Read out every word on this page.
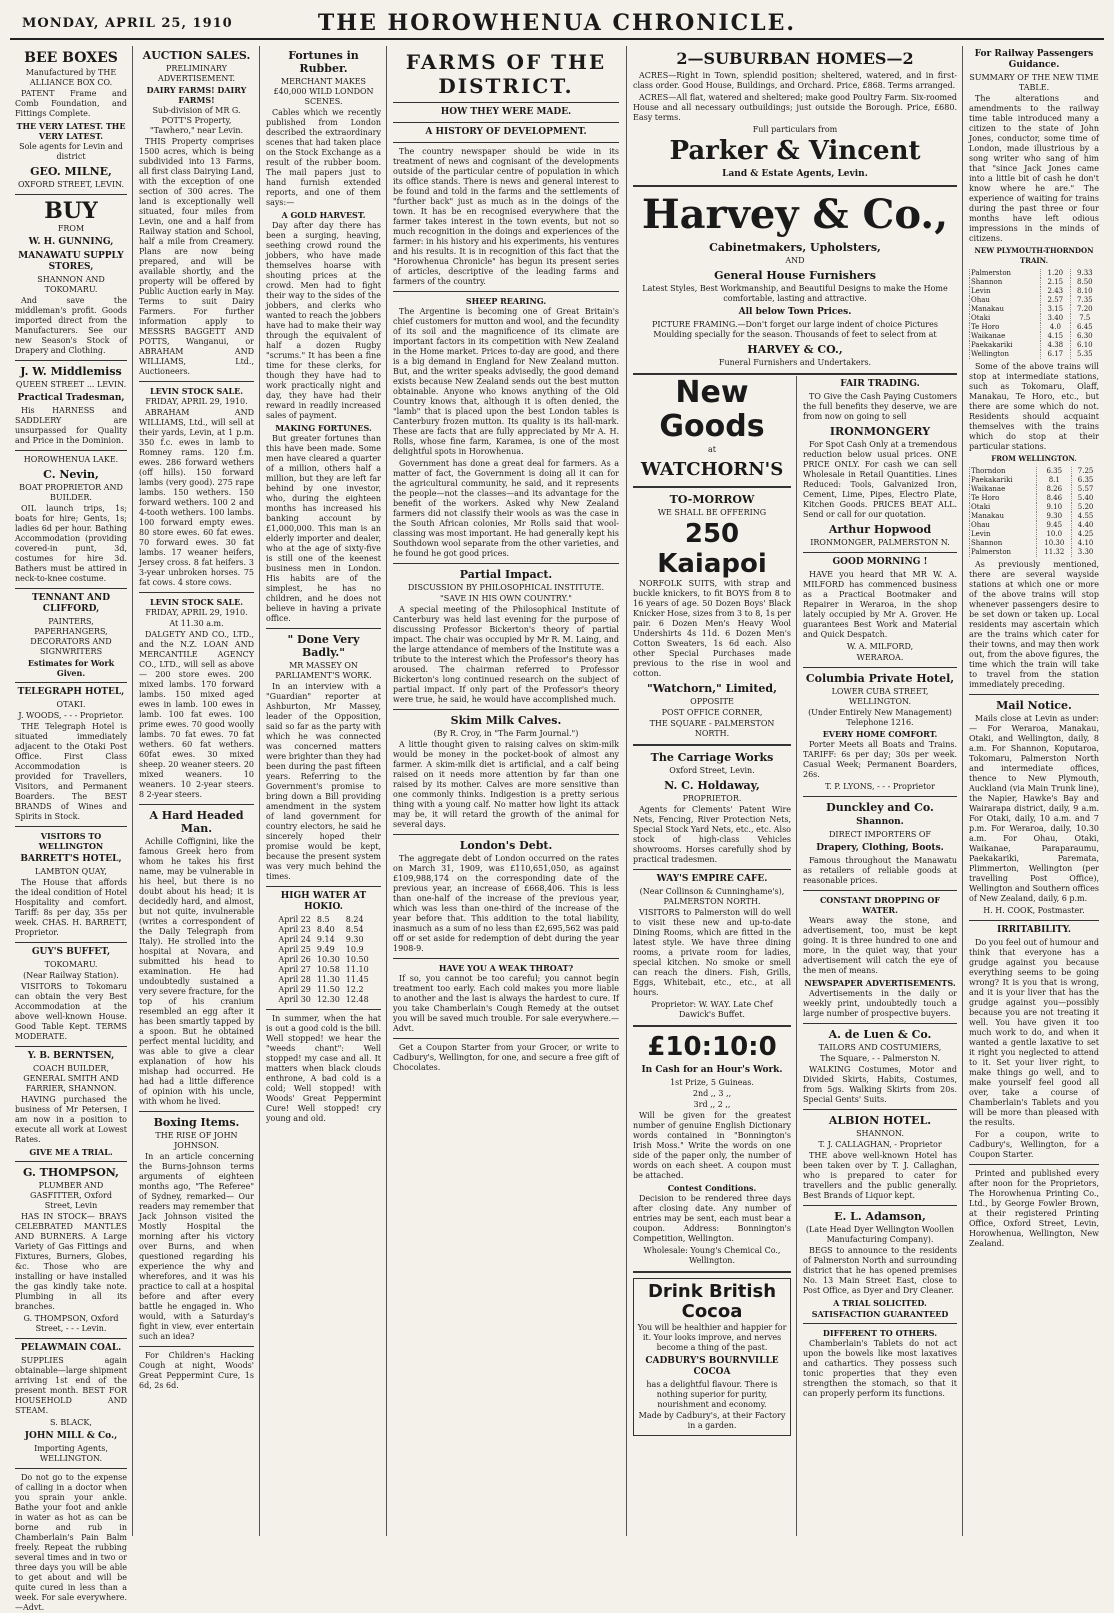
MONDAY, APRIL 25, 1910	THE HOROWHENUA CHRONICLE.
BEE BOXES
Manufactured by THE ALLIANCE BOX CO.
PATENT Frame and Comb Foundation, and Fittings Complete.
THE VERY LATEST. THE VERY LATEST.
Sole agents for Levin and district
GEO. MILNE,
OXFORD STREET, LEVIN.
BUY
FROM
W. H. GUNNING,
MANAWATU SUPPLY STORES,
SHANNON AND TOKOMARU.
And save the middleman's profit. Goods imported direct from the Manufacturers. See our new Season's Stock of Drapery and Clothing.
J. W. Middlemiss
QUEEN STREET ... LEVIN.
Practical Tradesman,
His HARNESS and SADDLERY are unsurpassed for Quality and Price in the Dominion.
HOROWHENUA LAKE.
C. Nevin,
BOAT PROPRIETOR AND BUILDER.
OIL launch trips, 1s; boats for hire; Gents, 1s; ladies 6d per hour. Bathing Accommodation (providing covered-in punt, 3d, costumes for hire 3d. Bathers must be attired in neck-to-knee costume.
TENNANT AND CLIFFORD,
PAINTERS, PAPERHANGERS, DECORATORS AND SIGNWRITERS
Estimates for Work Given.
TELEGRAPH HOTEL,
OTAKI.
J. WOODS, - - - Proprietor.
THE Telegraph Hotel is situated immediately adjacent to the Otaki Post Office. First Class Accommodation is provided for Travellers, Visitors, and Permanent Boarders. The BEST BRANDS of Wines and Spirits in Stock.
VISITORS TO WELLINGTON
BARRETT'S HOTEL,
LAMBTON QUAY,
The House that affords the ideal condition of Hotel Hospitality and comfort. Tariff: 8s per day, 35s per week. CHAS. H. BARRETT, Proprietor.
GUY'S BUFFET,
TOKOMARU.
(Near Railway Station).
VISITORS to Tokomaru can obtain the very Best Accommodation at the above well-known House. Good Table Kept. TERMS MODERATE.
Y. B. BERNTSEN,
COACH BUILDER, GENERAL SMITH AND FARRIER, SHANNON.
HAVING purchased the business of Mr Petersen, I am now in a position to execute all work at Lowest Rates.
GIVE ME A TRIAL.
G. THOMPSON,
PLUMBER AND GASFITTER, Oxford Street, Levin
HAS IN STOCK— BRAYS CELEBRATED MANTLES AND BURNERS. A Large Variety of Gas Fittings and Fixtures, Burners, Globes, &c. Those who are installing or have installed the gas kindly take note. Plumbing in all its branches.
G. THOMPSON, Oxford Street, - - - Levin.
PELAWMAIN COAL.
SUPPLIES again obtainable—large shipment arriving 1st end of the present month. BEST FOR HOUSEHOLD AND STEAM.
S. BLACK,
JOHN MILL & Co.,
Importing Agents, WELLINGTON.
Do not go to the expense of calling in a doctor when you sprain your ankle. Bathe your foot and ankle in water as hot as can be borne and rub in Chamberlain's Pain Balm freely. Repeat the rubbing several times and in two or three days you will be able to get about and will be quite cured in less than a week. For sale everywhere.—Advt.
AUCTION SALES.
PRELIMINARY ADVERTISEMENT.
DAIRY FARMS! DAIRY FARMS!
Sub-division of MR G. POTT'S Property, "Tawhero," near Levin.
THIS Property comprises 1500 acres, which is being subdivided into 13 Farms, all first class Dairying Land, with the exception of one section of 300 acres. The land is exceptionally well situated, four miles from Levin, one and a half from Railway station and School, half a mile from Creamery. Plans are now being prepared, and will be available shortly, and the property will be offered by Public Auction early in May. Terms to suit Dairy Farmers. For further information apply to MESSRS BAGGETT AND POTTS, Wanganui, or ABRAHAM AND WILLIAMS, Ltd., Auctioneers.
LEVIN STOCK SALE.
FRIDAY, APRIL 29, 1910.
ABRAHAM AND WILLIAMS, Ltd., will sell at their yards, Levin, at 1 p.m. 350 f.c. ewes in lamb to Romney rams. 120 f.m. ewes. 286 forward wethers (off hills). 150 forward lambs (very good). 275 rape lambs. 150 wethers. 150 forward wethers. 100 2 and 4-tooth wethers. 100 lambs. 100 forward empty ewes. 80 store ewes. 60 fat ewes. 70 forward ewes. 30 fat lambs. 17 weaner heifers, Jersey cross. 8 fat heifers. 3 3-year unbroken horses. 75 fat cows. 4 store cows.
LEVIN STOCK SALE.
FRIDAY, APRIL 29, 1910.
At 11.30 a.m.
DALGETY AND CO., LTD., and the N.Z. LOAN AND MERCANTILE AGENCY CO., LTD., will sell as above— 200 store ewes. 200 mixed lambs. 170 forward lambs. 150 mixed aged ewes in lamb. 100 ewes in lamb. 100 fat ewes. 100 prime ewes. 70 good woolly lambs. 70 fat ewes. 70 fat wethers. 60 fat wethers. 60fat ewes. 30 mixed sheep. 20 weaner steers. 20 mixed weaners. 10 weaners. 10 2-year steers. 8 2-year steers.
A Hard Headed Man.
Achille Coffignini, like the famous Greek hero from whom he takes his first name, may be vulnerable in his heel, but there is no doubt about his head; it is decidedly hard, and almost, but not quite, invulnerable (writes a correspondent of the Daily Telegraph from Italy). He strolled into the hospital at Novara, and submitted his head to examination. He had undoubtedly sustained a very severe fracture, for the top of his cranium resembled an egg after it has been smartly tapped by a spoon. But he obtained perfect mental lucidity, and was able to give a clear explanation of how his mishap had occurred. He had had a little difference of opinion with his uncle, with whom he lived.
Boxing Items.
THE RISE OF JOHN JOHNSON.
In an article concerning the Burns-Johnson terms arguments of eighteen months ago, "The Referee" of Sydney, remarked— Our readers may remember that Jack Johnson visited the Mostly Hospital the morning after his victory over Burns, and when questioned regarding his experience the why and wherefores, and it was his practice to call at a hospital before and after every battle he engaged in. Who would, with a Saturday's fight in view, ever entertain such an idea?
For Children's Hacking Cough at night, Woods' Great Peppermint Cure, 1s 6d, 2s 6d.
Fortunes in Rubber.
MERCHANT MAKES £40,000 WILD LONDON SCENES.
Cables which we recently published from London described the extraordinary scenes that had taken place on the Stock Exchange as a result of the rubber boom. The mail papers just to hand furnish extended reports, and one of them says:—
A GOLD HARVEST.
Day after day there has been a surging, heaving, seething crowd round the jobbers, who have made themselves hoarse with shouting prices at the crowd. Men had to fight their way to the sides of the jobbers, and clerks who wanted to reach the jobbers have had to make their way through the equivalent of half a dozen Rugby "scrums." It has been a fine time for these clerks, for though they have had to work practically night and day, they have had their reward in readily increased sales of payment.
MAKING FORTUNES.
But greater fortunes than this have been made. Some men have cleared a quarter of a million, others half a million, but they are left far behind by one investor, who, during the eighteen months has increased his banking account by £1,000,000. This man is an elderly importer and dealer, who at the age of sixty-five is still one of the keenest business men in London. His habits are of the simplest, he has no children, and he does not believe in having a private office.
" Done Very Badly."
MR MASSEY ON PARLIAMENT'S WORK.
In an interview with a "Guardian" reporter at Ashburton, Mr Massey, leader of the Opposition, said so far as the party with which he was connected was concerned matters were brighter than they had been during the past fifteen years. Referring to the Government's promise to bring down a Bill providing amendment in the system of land government for country electors, he said he sincerely hoped their promise would be kept, because the present system was very much behind the times.
HIGH WATER AT HOKIO.
April 22	8.5	8.24
April 23	8.40	8.54
April 24	9.14	9.30
April 25	9.49	10.9
April 26	10.30	10.50
April 27	10.58	11.10
April 28	11.30	11.45
April 29	11.50	12.2
April 30	12.30	12.48
In summer, when the hat is out a good cold is the bill. Well stopped! we hear the "weeds chant": Well stopped! my case and all. It matters when black clouds enthrone, A bad cold is a cold; Well stopped! with Woods' Great Peppermint Cure! Well stopped! cry young and old.
FARMS OF THE DISTRICT.
HOW THEY WERE MADE.
A HISTORY OF DEVELOPMENT.
The country newspaper should be wide in its treatment of news and cognisant of the developments outside of the particular centre of population in which its office stands. There is news and general interest to be found and told in the farms and the settlements of "further back" just as much as in the doings of the town. It has be en recognised everywhere that the farmer takes interest in the town events, but not so much recognition in the doings and experiences of the farmer: in his history and his experiments, his ventures and his results. It is in recognition of this fact that the "Horowhenua Chronicle" has begun its present series of articles, descriptive of the leading farms and farmers of the country.
SHEEP REARING.
The Argentine is becoming one of Great Britain's chief customers for mutton and wool, and the fecundity of its soil and the magnificence of its climate are important factors in its competition with New Zealand in the Home market. Prices to-day are good, and there is a big demand in England for New Zealand mutton. But, and the writer speaks advisedly, the good demand exists because New Zealand sends out the best mutton obtainable. Anyone who knows anything of the Old Country knows that, although it is often denied, the "lamb" that is placed upon the best London tables is Canterbury frozen mutton. Its quality is its hall-mark. These are facts that are fully appreciated by Mr A. H. Rolls, whose fine farm, Karamea, is one of the most delightful spots in Horowhenua.
Government has done a great deal for farmers. As a matter of fact, the Government is doing all it can for the agricultural community, he said, and it represents the people—not the classes—and its advantage for the benefit of the workers. Asked why New Zealand farmers did not classify their wools as was the case in the South African colonies, Mr Rolls said that wool-classing was most important. He had generally kept his Southdown wool separate from the other varieties, and he found he got good prices.
Partial Impact.
DISCUSSION BY PHILOSOPHICAL INSTITUTE.
"SAVE IN HIS OWN COUNTRY."
A special meeting of the Philosophical Institute of Canterbury was held last evening for the purpose of discussing Professor Bickerton's theory of partial impact. The chair was occupied by Mr R. M. Laing, and the large attendance of members of the Institute was a tribute to the interest which the Professor's theory has aroused. The chairman referred to Professor Bickerton's long continued research on the subject of partial impact. If only part of the Professor's theory were true, he said, he would have accomplished much.
Skim Milk Calves.
(By R. Croy, in "The Farm Journal.")
A little thought given to raising calves on skim-milk would be money in the pocket-book of almost any farmer. A skim-milk diet is artificial, and a calf being raised on it needs more attention by far than one raised by its mother. Calves are more sensitive than one commonly thinks. Indigestion is a pretty serious thing with a young calf. No matter how light its attack may be, it will retard the growth of the animal for several days.
London's Debt.
The aggregate debt of London occurred on the rates on March 31, 1909, was £110,651,050, as against £109,988,174 on the corresponding date of the previous year, an increase of £668,406. This is less than one-half of the increase of the previous year, which was less than one-third of the increase of the year before that. This addition to the total liability, inasmuch as a sum of no less than £2,695,562 was paid off or set aside for redemption of debt during the year 1908-9.
HAVE YOU A WEAK THROAT?
If so, you cannot be too careful; you cannot begin treatment too early. Each cold makes you more liable to another and the last is always the hardest to cure. If you take Chamberlain's Cough Remedy at the outset you will be saved much trouble. For sale everywhere.—Advt.
Get a Coupon Starter from your Grocer, or write to Cadbury's, Wellington, for one, and secure a free gift of Chocolates.
2—SUBURBAN HOMES—2
ACRES—Right in Town, splendid position; sheltered, watered, and in first-class order. Good House, Buildings, and Orchard. Price, £868. Terms arranged.
ACRES—All flat, watered and sheltered; make good Poultry Farm. Six-roomed House and all necessary outbuildings; just outside the Borough. Price, £680. Easy terms.
Full particulars from
Parker & Vincent
Land & Estate Agents, Levin.
Harvey & Co.,
Cabinetmakers, Upholsters,
AND
General House Furnishers
Latest Styles, Best Workmanship, and Beautiful Designs to make the Home comfortable, lasting and attractive.
All below Town Prices.
PICTURE FRAMING.—Don't forget our large indent of choice Pictures Moulding specially for the season. Thousands of feet to select from at
HARVEY & CO.,
Funeral Furnishers and Undertakers.
New Goods
at
WATCHORN'S
TO-MORROW
WE SHALL BE OFFERING
250 Kaiapoi
NORFOLK SUITS, with strap and buckle knickers, to fit BOYS from 8 to 16 years of age. 50 Dozen Boys' Black Knicker Hose, sizes from 3 to 8, 1s per pair. 6 Dozen Men's Heavy Wool Undershirts 4s 11d. 6 Dozen Men's Cotton Sweaters, 1s 6d each. Also other Special Purchases made previous to the rise in wool and cotton.
"Watchorn," Limited,
OPPOSITE
POST OFFICE CORNER,
THE SQUARE - PALMERSTON NORTH.
The Carriage Works
Oxford Street, Levin.
N. C. Holdaway,
PROPRIETOR.
Agents for Clements' Patent Wire Nets, Fencing, River Protection Nets, Special Stock Yard Nets, etc., etc. Also stock of high-class Vehicles showrooms. Horses carefully shod by practical tradesmen.
WAY'S EMPIRE CAFE.
(Near Collinson & Cunninghame's), PALMERSTON NORTH.
VISITORS to Palmerston will do well to visit these new and up-to-date Dining Rooms, which are fitted in the latest style. We have three dining rooms, a private room for ladies, special kitchen. No smoke or smell can reach the diners. Fish, Grills, Eggs, Whitebait, etc., etc., at all hours.
Proprietor: W. WAY. Late Chef Dawick's Buffet.
£10:10:0
In Cash for an Hour's Work.
1st Prize, 5 Guineas.
2nd ,, 3 ,,
3rd ,, 2 ,,
Will be given for the greatest number of genuine English Dictionary words contained in "Bonnington's Irish Moss." Write the words on one side of the paper only, the number of words on each sheet. A coupon must be attached.
Contest Conditions.
Decision to be rendered three days after closing date. Any number of entries may be sent, each must bear a coupon. Address: Bonnington's Competition, Wellington.
Wholesale: Young's Chemical Co., Wellington.
Drink British Cocoa
You will be healthier and happier for it. Your looks improve, and nerves become a thing of the past.
CADBURY'S BOURNVILLE COCOA
has a delightful flavour. There is nothing superior for purity, nourishment and economy.
Made by Cadbury's, at their Factory in a garden.
FAIR TRADING.
TO Give the Cash Paying Customers the full benefits they deserve, we are from now on going to sell
IRONMONGERY
For Spot Cash Only at a tremendous reduction below usual prices. ONE PRICE ONLY. For cash we can sell Wholesale in Retail Quantities. Lines Reduced: Tools, Galvanized Iron, Cement, Lime, Pipes, Electro Plate, Kitchen Goods. PRICES BEAT ALL. Send or call for our quotation.
Arthur Hopwood
IRONMONGER, PALMERSTON N.
GOOD MORNING !
HAVE you heard that MR W. A. MILFORD has commenced business as a Practical Bootmaker and Repairer in Weraroa, in the shop lately occupied by Mr A. Grover. He guarantees Best Work and Material and Quick Despatch.
W. A. MILFORD,
WERAROA.
Columbia Private Hotel,
LOWER CUBA STREET, WELLINGTON.
(Under Entirely New Management) Telephone 1216.
EVERY HOME COMFORT.
Porter Meets all Boats and Trains. TARIFF: 6s per day; 30s per week. Casual Week; Permanent Boarders, 26s.
T. P. LYONS, - - - Proprietor
Dunckley and Co.
Shannon.
DIRECT IMPORTERS OF
Drapery, Clothing, Boots.
Famous throughout the Manawatu as retailers of reliable goods at reasonable prices.
CONSTANT DROPPING OF WATER.
Wears away the stone, and advertisement, too, must be kept going. It is three hundred to one and more, in the quiet way, that your advertisement will catch the eye of the men of means.
NEWSPAPER ADVERTISEMENTS.
Advertisements in the daily or weekly print, undoubtedly touch a large number of prospective buyers.
A. de Luen & Co.
TAILORS AND COSTUMIERS,
The Square, - - Palmerston N.
WALKING Costumes, Motor and Divided Skirts, Habits, Costumes, from 5gs. Walking Skirts from 20s. Special Gents' Suits.
ALBION HOTEL.
SHANNON.
T. J. CALLAGHAN, - Proprietor
THE above well-known Hotel has been taken over by T. J. Callaghan, who is prepared to cater for travellers and the public generally. Best Brands of Liquor kept.
E. L. Adamson,
(Late Head Dyer Wellington Woollen Manufacturing Company).
BEGS to announce to the residents of Palmerston North and surrounding district that he has opened premises No. 13 Main Street East, close to Post Office, as Dyer and Dry Cleaner.
A TRIAL SOLICITED.
SATISFACTION GUARANTEED
DIFFERENT TO OTHERS.
Chamberlain's Tablets do not act upon the bowels like most laxatives and cathartics. They possess such tonic properties that they even strengthen the stomach, so that it can properly perform its functions.
For Railway Passengers Guidance.
SUMMARY OF THE NEW TIME TABLE.
The alterations and amendments to the railway time table introduced many a citizen to the state of John Jones, conductor, some time of London, made illustrious by a song writer who sang of him that "since Jack Jones came into a little bit of cash he don't know where he are." The experience of waiting for trains during the past three or four months have left odious impressions in the minds of citizens.
NEW PLYMOUTH-THORNDON TRAIN.
Palmerston	1.20	9.33
Shannon	2.15	8.50
Levin	2.43	8.10
Ohau	2.57	7.35
Manakau	3.15	7.20
Otaki	3.40	7.5
Te Horo	4.0	6.45
Waikanae	4.15	6.30
Paekakariki	4.38	6.10
Wellington	6.17	5.35
Some of the above trains will stop at intermediate stations, such as Tokomaru, Olaff, Manakau, Te Horo, etc., but there are some which do not. Residents should acquaint themselves with the trains which do stop at their particular stations.
FROM WELLINGTON.
Thorndon	6.35	7.25
Paekakariki	8.1	6.35
Waikanae	8.26	5.57
Te Horo	8.46	5.40
Otaki	9.10	5.20
Manakau	9.30	4.55
Ohau	9.45	4.40
Levin	10.0	4.25
Shannon	10.30	4.10
Palmerston	11.32	3.30
As previously mentioned, there are several wayside stations at which one or more of the above trains will stop whenever passengers desire to be set down or taken up. Local residents may ascertain which are the trains which cater for their towns, and may then work out, from the above figures, the time which the train will take to travel from the station immediately preceding.
Mail Notice.
Mails close at Levin as under:— For Weraroa, Manakau, Otaki, and Wellington, daily, 8 a.m. For Shannon, Koputaroa, Tokomaru, Palmerston North and intermediate offices, thence to New Plymouth, Auckland (via Main Trunk line), the Napier, Hawke's Bay and Wairarapa district, daily, 9 a.m. For Otaki, daily, 10 a.m. and 7 p.m. For Weraroa, daily, 10.30 a.m. For Ohau, Otaki, Waikanae, Paraparaumu, Paekakariki, Paremata, Plimmerton, Wellington (per travelling Post Office), Wellington and Southern offices of New Zealand, daily, 6 p.m.
H. H. COOK, Postmaster.
IRRITABILITY.
Do you feel out of humour and think that everyone has a grudge against you because everything seems to be going wrong? It is you that is wrong, and it is your liver that has the grudge against you—possibly because you are not treating it well. You have given it too much work to do, and when it wanted a gentle laxative to set it right you neglected to attend to it. Set your liver right, to make things go well, and to make yourself feel good all over, take a course of Chamberlain's Tablets and you will be more than pleased with the results.
For a coupon, write to Cadbury's, Wellington, for a Coupon Starter.
Printed and published every after noon for the Proprietors, The Horowhenua Printing Co., Ltd., by George Fowler Brown, at their registered Printing Office, Oxford Street, Levin, Horowhenua, Wellington, New Zealand.
